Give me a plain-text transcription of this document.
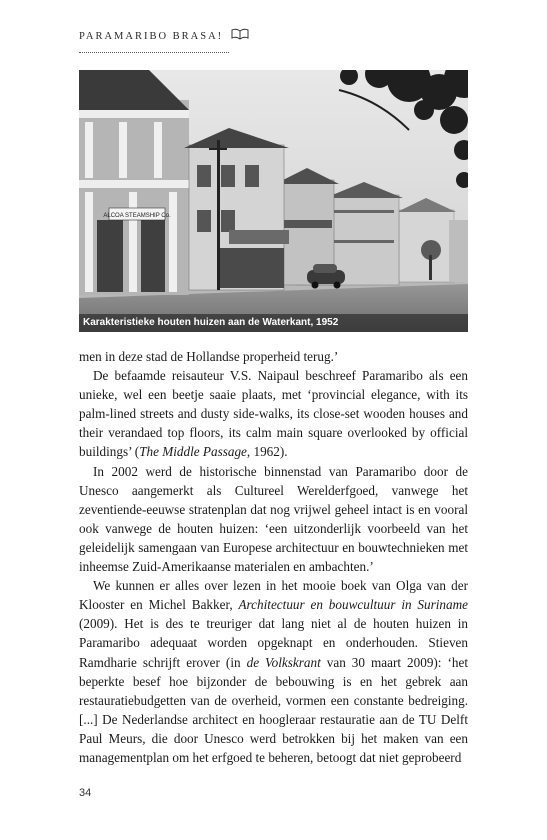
PARAMARIBO BRASA!
ALCOA STEAMSHIP Co.
Karakteristieke houten huizen aan de Waterkant, 1952

men in deze stad de Hollandse properheid terug.’

De befaamde reisauteur V.S. Naipaul beschreef Paramaribo als een unieke, wel een beetje saaie plaats, met ‘provincial elegance, with its palm-lined streets and dusty side-walks, its close-set wooden houses and their verandaed top floors, its calm main square overlooked by official buildings’ (The Middle Passage, 1962).

In 2002 werd de historische binnenstad van Paramaribo door de Unesco aangemerkt als Cultureel Werelderfgoed, vanwege het zeventiende-eeuwse stratenplan dat nog vrijwel geheel intact is en vooral ook vanwege de houten huizen: ‘een uitzonderlijk voorbeeld van het geleidelijk samengaan van Europese architectuur en bouwtechnieken met inheemse Zuid-Amerikaanse materialen en ambachten.’

We kunnen er alles over lezen in het mooie boek van Olga van der Klooster en Michel Bakker, Architectuur en bouwcultuur in Suriname (2009). Het is des te treuriger dat lang niet al de houten huizen in Paramaribo adequaat worden opgeknapt en onderhouden. Stieven Ramdharie schrijft erover (in de Volkskrant van 30 maart 2009): ‘het beperkte besef hoe bijzonder de bebouwing is en het gebrek aan restauratiebudgetten van de overheid, vormen een constante bedreiging. [...] De Nederlandse architect en hoogleraar restauratie aan de TU Delft Paul Meurs, die door Unesco werd betrokken bij het maken van een managementplan om het erfgoed te beheren, betoogt dat niet geprobeerd

34
